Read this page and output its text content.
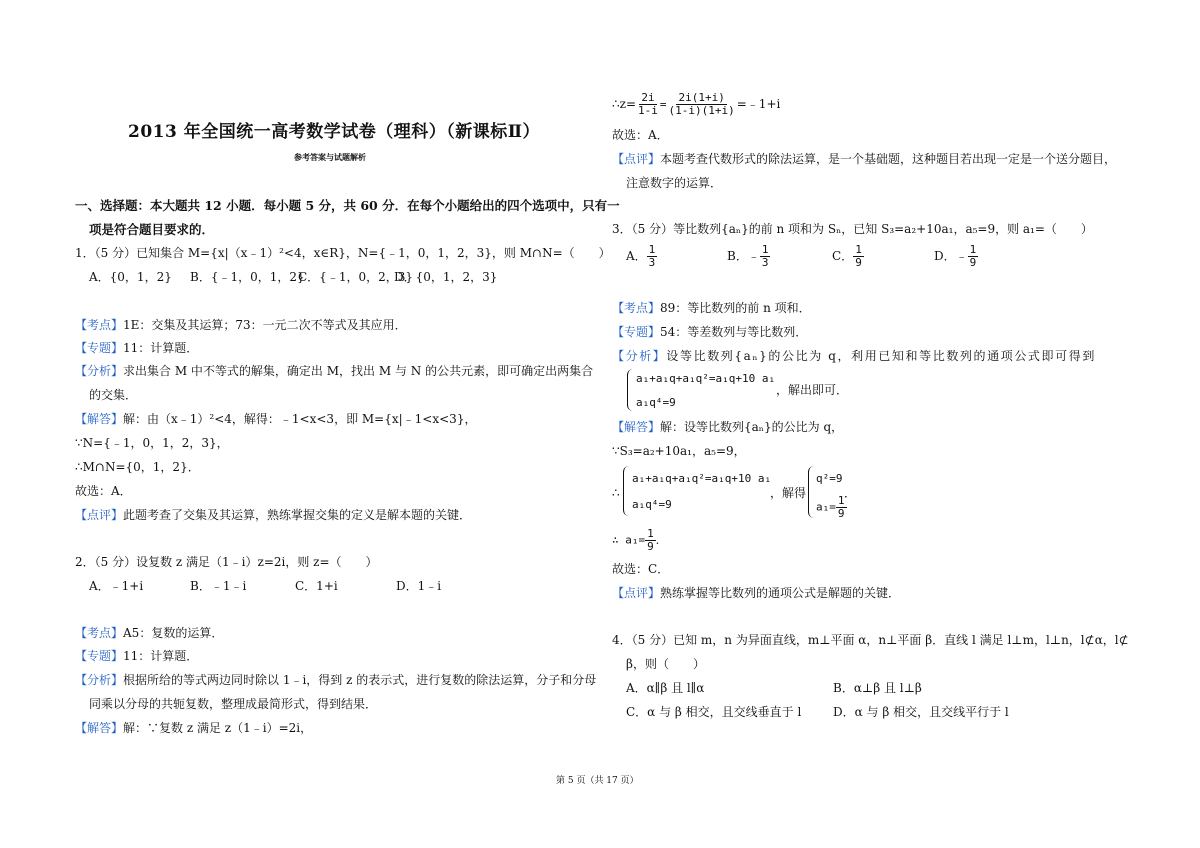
2013 年全国统一高考数学试卷（理科）（新课标Ⅱ）
参考答案与试题解析
一、选择题：本大题共 12 小题．每小题 5 分，共 60 分．在每个小题给出的四个选项中，只有一
项是符合题目要求的．
1．（5 分）已知集合 M={x|（x﹣1）²<4，x∈R}，N={﹣1，0，1，2，3}，则 M∩N=（　　）
A．{0，1，2} B．{﹣1，0，1，2}
C．{﹣1，0，2，3}
D．{0，1，2，3}
【考点】1E：交集及其运算；73：一元二次不等式及其应用．
【专题】11：计算题．
【分析】求出集合 M 中不等式的解集，确定出 M，找出 M 与 N 的公共元素，即可确定出两集合
的交集．
【解答】解：由（x﹣1）²<4，解得：﹣1<x<3，即 M={x|﹣1<x<3}，
∵N={﹣1，0，1，2，3}，
∴M∩N={0，1，2}．
故选：A．
【点评】此题考查了交集及其运算，熟练掌握交集的定义是解本题的关键．
2．（5 分）设复数 z 满足（1﹣i）z=2i，则 z=（　　）
A．﹣1+i	B．﹣1﹣i	C．1+i	D．1﹣i
【考点】A5：复数的运算．
【专题】11：计算题．
【分析】根据所给的等式两边同时除以 1﹣i，得到 z 的表示式，进行复数的除法运算，分子和分母
同乘以分母的共轭复数，整理成最简形式，得到结果．
【解答】解：∵复数 z 满足 z（1﹣i）=2i，
∴z= $\frac{2i}{1-i} = \frac{2i(1+i)}{(1-i)(1+i)}$ =﹣1+i
故选：A．
【点评】本题考查代数形式的除法运算，是一个基础题，这种题目若出现一定是一个送分题目，
注意数字的运算．
3．（5 分）等比数列{aₙ}的前 n 项和为 Sₙ，已知 S₃=a₂+10a₁，a₅=9，则 a₁=（　　）
A． $\frac{1}{3}$	B．﹣ $\frac{1}{3}$	C． $\frac{1}{9}$	D．﹣ $\frac{1}{9}$
【考点】89：等比数列的前 n 项和．
【专题】54：等差数列与等比数列．
【分析】设等比数列{aₙ}的公比为 q，利用已知和等比数列的通项公式即可得到
a₁+a₁q+a₁q²=a₁q+10 a₁
a₁q⁴=9
，解出即可．
【解答】解：设等比数列{aₙ}的公比为 q，
∵S₃=a₂+10a₁，a₅=9，
∴
a₁+a₁q+a₁q²=a₁q+10 a₁
a₁q⁴=9
，解得
q²=9
$a_1= \frac{1}{9}$
．
∴ $a_1= \frac{1}{9}$ ．
故选：C．
【点评】熟练掌握等比数列的通项公式是解题的关键．
4．（5 分）已知 m，n 为异面直线，m⊥平面 α，n⊥平面 β．直线 l 满足 l⊥m，l⊥n，l⊄α，l⊄
β，则（　　）
A．α∥β 且 l∥α	B．α⊥β 且 l⊥β
C．α 与 β 相交，且交线垂直于 l	D．α 与 β 相交，且交线平行于 l
第 5 页（共 17 页）
